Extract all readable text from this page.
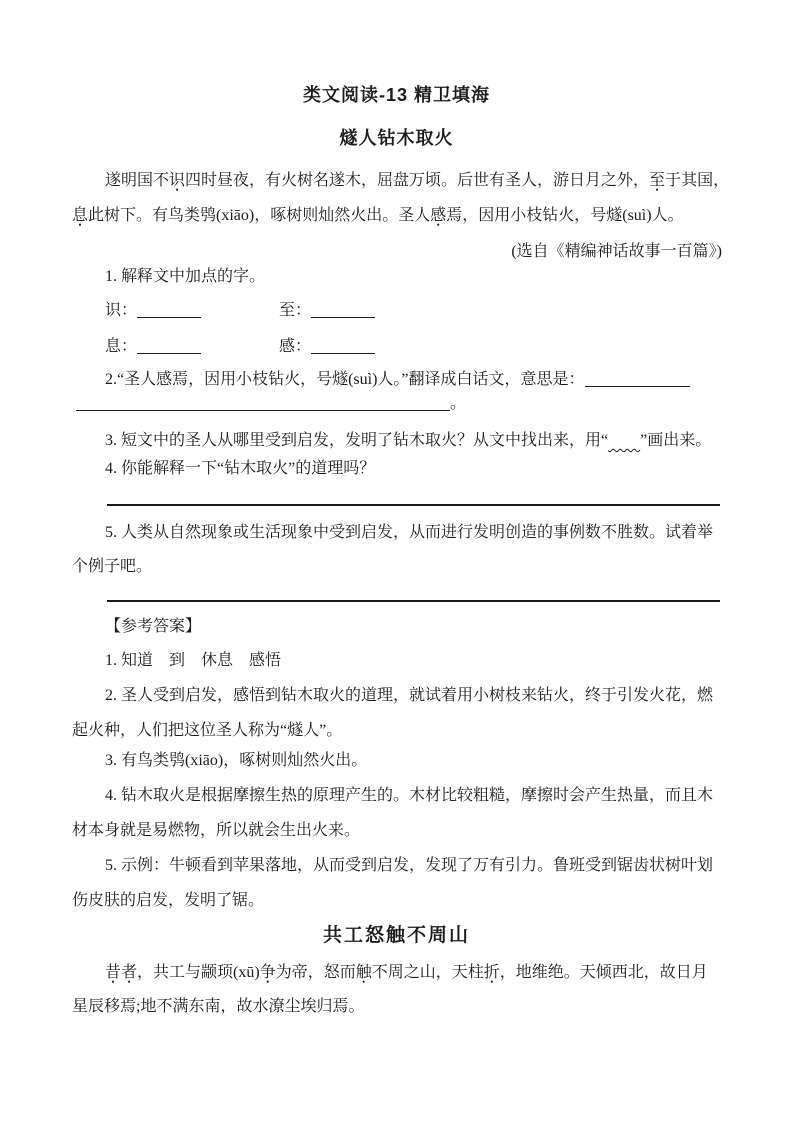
类文阅读-13 精卫填海
燧人钻木取火
遂明国不识四时昼夜，有火树名遂木，屈盘万顷。后世有圣人，游日月之外，至于其国，
息此树下。有鸟类鸮(xiāo)，啄树则灿然火出。圣人感焉，因用小枝钻火，号燧(suì)人。
(选自《精编神话故事一百篇》)
1. 解释文中加点的字。
识：	至：
息：	感：
2.“圣人感焉，因用小枝钻火，号燧(suì)人。”翻译成白话文，意思是：
。
3. 短文中的圣人从哪里受到启发，发明了钻木取火？从文中找出来，用“ ”画出来。
4. 你能解释一下“钻木取火”的道理吗？
5. 人类从自然现象或生活现象中受到启发，从而进行发明创造的事例数不胜数。试着举
个例子吧。
【参考答案】
1. 知道　到　休息　感悟
2. 圣人受到启发，感悟到钻木取火的道理，就试着用小树枝来钻火，终于引发火花，燃
起火种，人们把这位圣人称为“燧人”。
3. 有鸟类鸮(xiāo)，啄树则灿然火出。
4. 钻木取火是根据摩擦生热的原理产生的。木材比较粗糙，摩擦时会产生热量，而且木
材本身就是易燃物，所以就会生出火来。
5. 示例：牛顿看到苹果落地，从而受到启发，发现了万有引力。鲁班受到锯齿状树叶划
伤皮肤的启发，发明了锯。
共工怒触不周山
昔者，共工与颛顼(xū)争为帝，怒而触不周之山，天柱折，地维绝。天倾西北，故日月
星辰移焉;地不满东南，故水潦尘埃归焉。
